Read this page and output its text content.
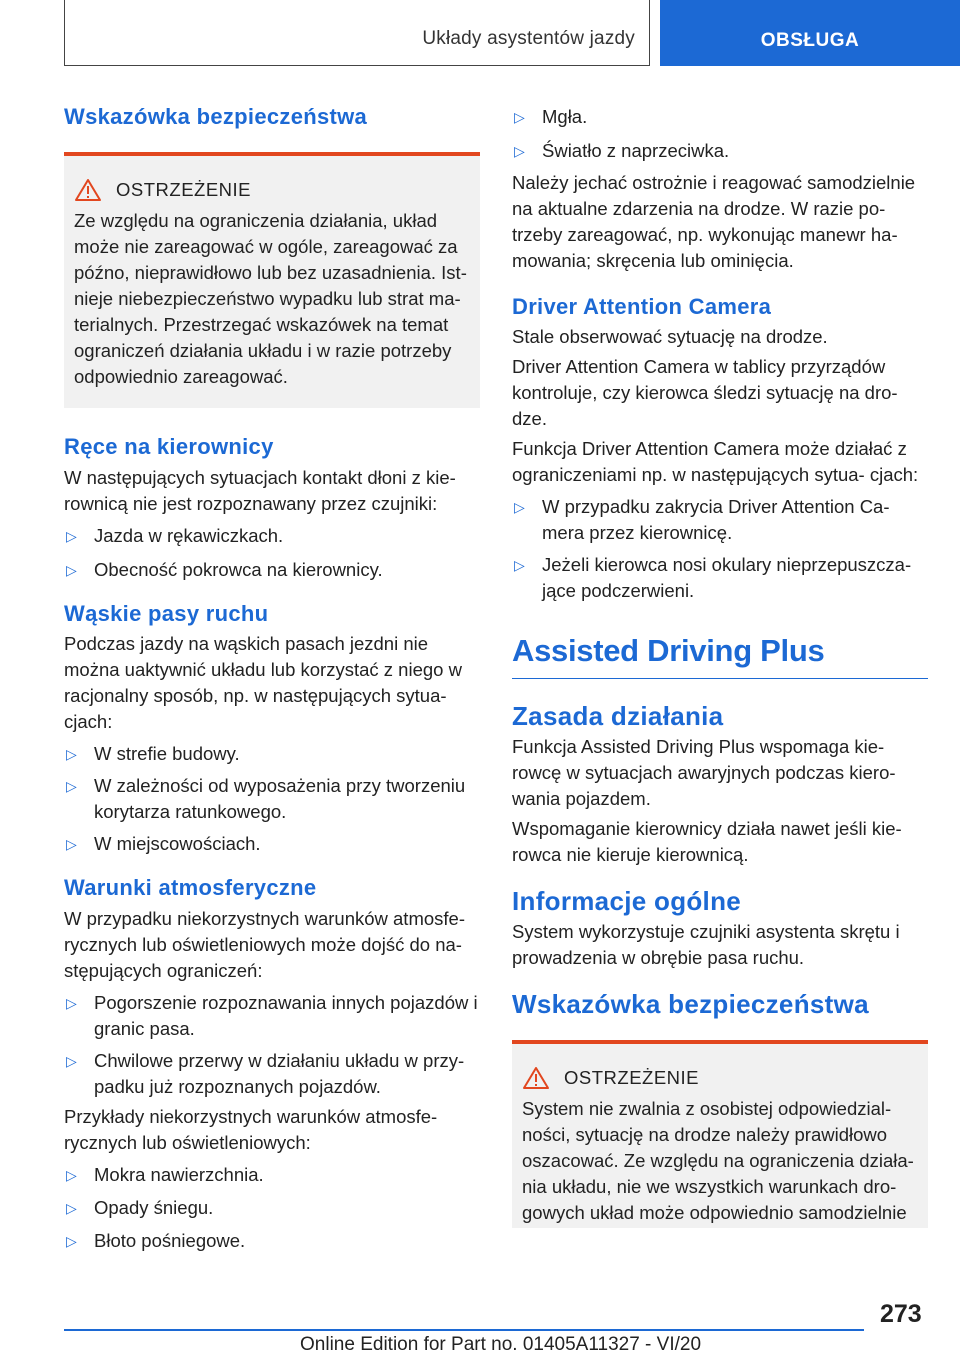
Układy asystentów jazdy	OBSŁUGA
Wskazówka bezpieczeństwa
OSTRZEŻENIE
Ze względu na ograniczenia działania, układ może nie zareagować w ogóle, zareagować za późno, nieprawidłowo lub bez uzasadnienia. Ist- nieje niebezpieczeństwo wypadku lub strat ma- terialnych. Przestrzegać wskazówek na temat ograniczeń działania układu i w razie potrzeby odpowiednio zareagować.
Ręce na kierownicy
W następujących sytuacjach kontakt dłoni z kie- rownicą nie jest rozpoznawany przez czujniki:
▷ Jazda w rękawiczkach.
▷ Obecność pokrowca na kierownicy.
Wąskie pasy ruchu
Podczas jazdy na wąskich pasach jezdni nie można uaktywnić układu lub korzystać z niego w racjonalny sposób, np. w następujących sytua- cjach:
▷ W strefie budowy.
▷ W zależności od wyposażenia przy tworzeniu korytarza ratunkowego.
▷ W miejscowościach.
Warunki atmosferyczne
W przypadku niekorzystnych warunków atmosfe- rycznych lub oświetleniowych może dojść do na- stępujących ograniczeń:
▷ Pogorszenie rozpoznawania innych pojazdów i granic pasa.
▷ Chwilowe przerwy w działaniu układu w przy- padku już rozpoznanych pojazdów.
Przykłady niekorzystnych warunków atmosfe- rycznych lub oświetleniowych:
▷ Mokra nawierzchnia.
▷ Opady śniegu.
▷ Błoto pośniegowe.
▷ Mgła.
▷ Światło z naprzeciwka.
Należy jechać ostrożnie i reagować samodzielnie na aktualne zdarzenia na drodze. W razie po- trzeby zareagować, np. wykonując manewr ha- mowania; skręcenia lub ominięcia.
Driver Attention Camera
Stale obserwować sytuację na drodze.
Driver Attention Camera w tablicy przyrządów kontroluje, czy kierowca śledzi sytuację na dro- dze.
Funkcja Driver Attention Camera może działać z ograniczeniami np. w następujących sytua- cjach:
▷ W przypadku zakrycia Driver Attention Ca- mera przez kierownicę.
▷ Jeżeli kierowca nosi okulary nieprzepuszcza- jące podczerwieni.
Assisted Driving Plus
Zasada działania
Funkcja Assisted Driving Plus wspomaga kie- rowcę w sytuacjach awaryjnych podczas kiero- wania pojazdem.
Wspomaganie kierownicy działa nawet jeśli kie- rowca nie kieruje kierownicą.
Informacje ogólne
System wykorzystuje czujniki asystenta skrętu i prowadzenia w obrębie pasa ruchu.
Wskazówka bezpieczeństwa
OSTRZEŻENIE
System nie zwalnia z osobistej odpowiedzial- ności, sytuację na drodze należy prawidłowo oszacować. Ze względu na ograniczenia działa- nia układu, nie we wszystkich warunkach dro- gowych układ może odpowiednio samodzielnie
273
Online Edition for Part no. 01405A11327 - VI/20
